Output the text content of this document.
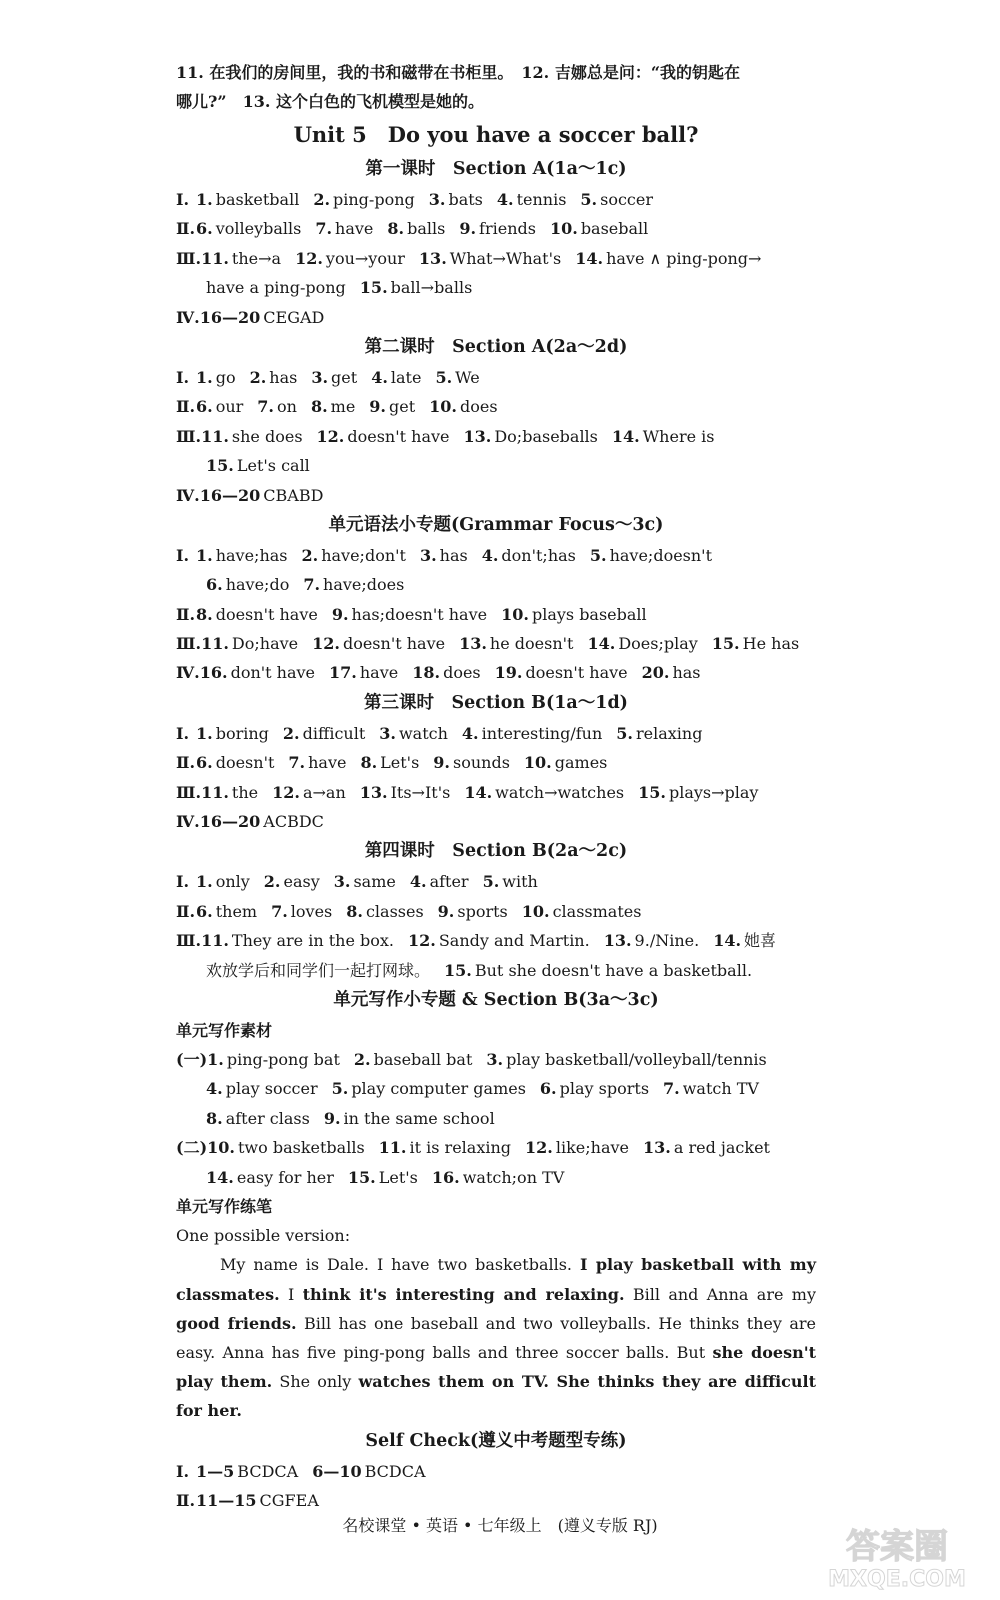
11. 在我们的房间里，我的书和磁带在书柜里。　12. 吉娜总是问：“我的钥匙在
哪儿?”　13. 这个白色的飞机模型是她的。
Unit 5　Do you have a soccer ball?
第一课时　Section A(1a～1c)
Ⅰ. 1. basketball 2. ping-pong 3. bats 4. tennis 5. soccer
Ⅱ.6. volleyballs 7. have 8. balls 9. friends 10. baseball
Ⅲ.11. the→a 12. you→your 13. What→What's 14. have ∧ ping-pong→
have a ping-pong 15. ball→balls
Ⅳ.16—20 CEGAD
第二课时　Section A(2a～2d)
Ⅰ. 1. go 2. has 3. get 4. late 5. We
Ⅱ.6. our 7. on 8. me 9. get 10. does
Ⅲ.11. she does 12. doesn't have 13. Do;baseballs 14. Where is
15. Let's call
Ⅳ.16—20 CBABD
单元语法小专题(Grammar Focus～3c)
Ⅰ. 1. have;has 2. have;don't 3. has 4. don't;has 5. have;doesn't
6. have;do 7. have;does
Ⅱ.8. doesn't have 9. has;doesn't have 10. plays baseball
Ⅲ.11. Do;have 12. doesn't have 13. he doesn't 14. Does;play 15. He has
Ⅳ.16. don't have 17. have 18. does 19. doesn't have 20. has
第三课时　Section B(1a～1d)
Ⅰ. 1. boring 2. difficult 3. watch 4. interesting/fun 5. relaxing
Ⅱ.6. doesn't 7. have 8. Let's 9. sounds 10. games
Ⅲ.11. the 12. a→an 13. Its→It's 14. watch→watches 15. plays→play
Ⅳ.16—20 ACBDC
第四课时　Section B(2a～2c)
Ⅰ. 1. only 2. easy 3. same 4. after 5. with
Ⅱ.6. them 7. loves 8. classes 9. sports 10. classmates
Ⅲ.11. They are in the box. 12. Sandy and Martin. 13. 9./Nine. 14. 她喜
欢放学后和同学们一起打网球。 15. But she doesn't have a basketball.
单元写作小专题 & Section B(3a～3c)
单元写作素材
(一)1. ping-pong bat 2. baseball bat 3. play basketball/volleyball/tennis
4. play soccer 5. play computer games 6. play sports 7. watch TV
8. after class 9. in the same school
(二)10. two basketballs 11. it is relaxing 12. like;have 13. a red jacket
14. easy for her 15. Let's 16. watch;on TV
单元写作练笔
One possible version:
My name is Dale. I have two basketballs. I play basketball with my classmates. I think it's interesting and relaxing. Bill and Anna are my good friends. Bill has one baseball and two volleyballs. He thinks they are easy. Anna has five ping-pong balls and three soccer balls. But she doesn't play them. She only watches them on TV. She thinks they are difficult for her.
Self Check(遵义中考题型专练)
Ⅰ. 1—5 BCDCA 6—10 BCDCA
Ⅱ.11—15 CGFEA
名校课堂 • 英语 • 七年级上　(遵义专版 RJ)
答案圈
MXQE.COM
